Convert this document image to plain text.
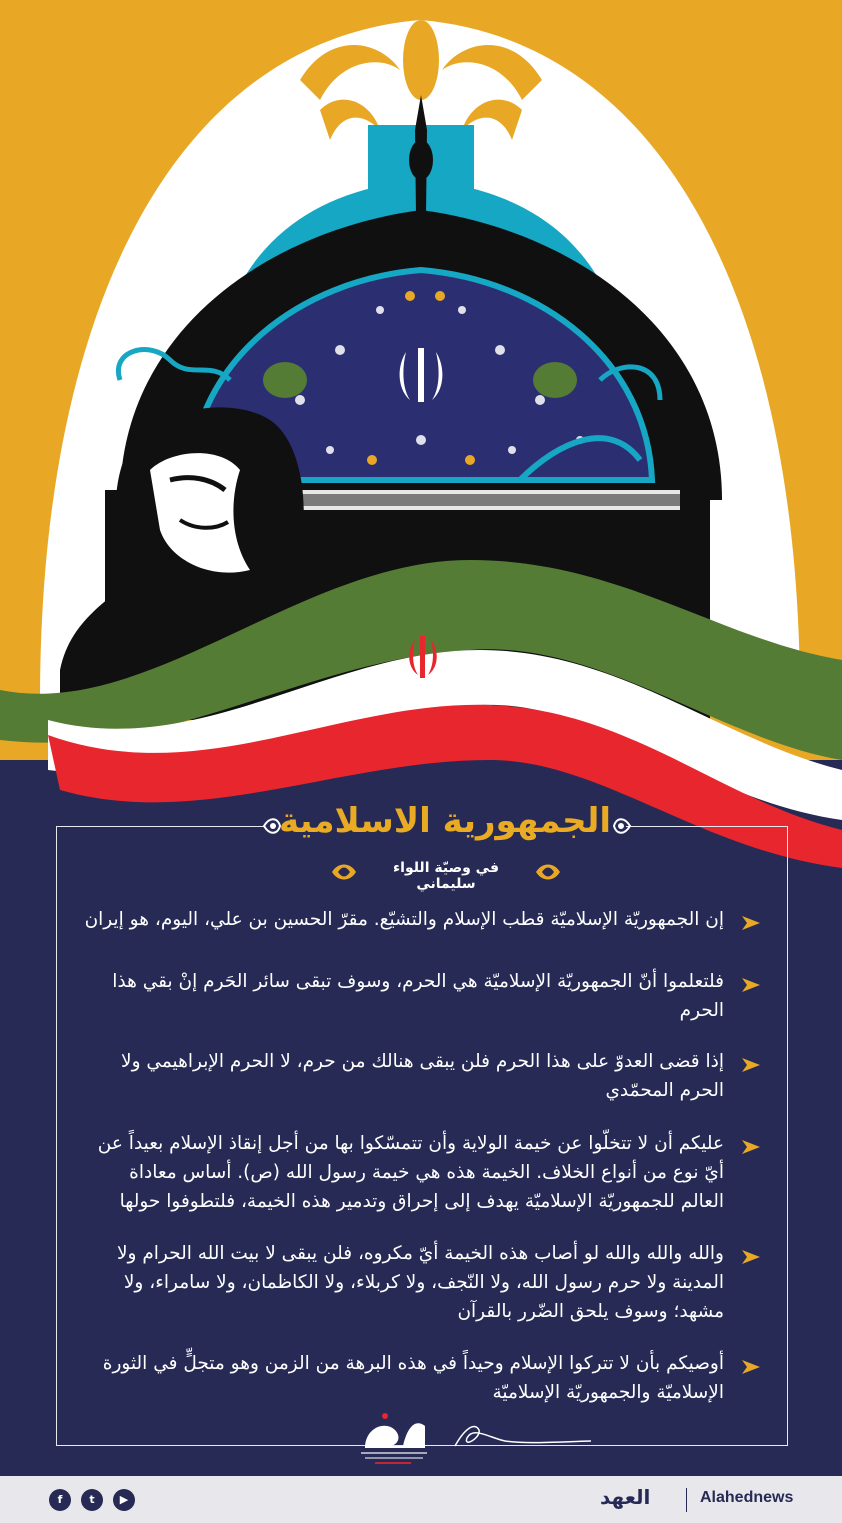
الجمهورية الاسلامية
في وصيّة اللواء سليماني
إن الجمهوريّة الإسلاميّة قطب الإسلام والتشيّع. مقرّ الحسين بن علي، اليوم، هو إيران
فلتعلموا أنّ الجمهوريّة الإسلاميّة هي الحرم، وسوف تبقى سائر الحَرم إنْ بقي هذا الحرم
إذا قضى العدوّ على هذا الحرم فلن يبقى هنالك من حرم، لا الحرم الإبراهيمي ولا الحرم المحمّدي
عليكم أن لا تتخلّوا عن خيمة الولاية وأن تتمسّكوا بها من أجل إنقاذ الإسلام بعيداً عن أيّ نوع من أنواع الخلاف. الخيمة هذه هي خيمة رسول الله (ص). أساس معاداة العالم للجمهوريّة الإسلاميّة يهدف إلى إحراق وتدمير هذه الخيمة، فلتطوفوا حولها
والله والله والله لو أصاب هذه الخيمة أيّ مكروه، فلن يبقى لا بيت الله الحرام ولا المدينة ولا حرم رسول الله، ولا النّجف، ولا كربلاء، ولا الكاظمان، ولا سامراء، ولا مشهد؛ وسوف يلحق الضّرر بالقرآن
أوصيكم بأن لا تتركوا الإسلام وحيداً في هذه البرهة من الزمن وهو متجلٍّ في الثورة الإسلاميّة والجمهوريّة الإسلاميّة
f	t	▶	العهد	Alahednews
